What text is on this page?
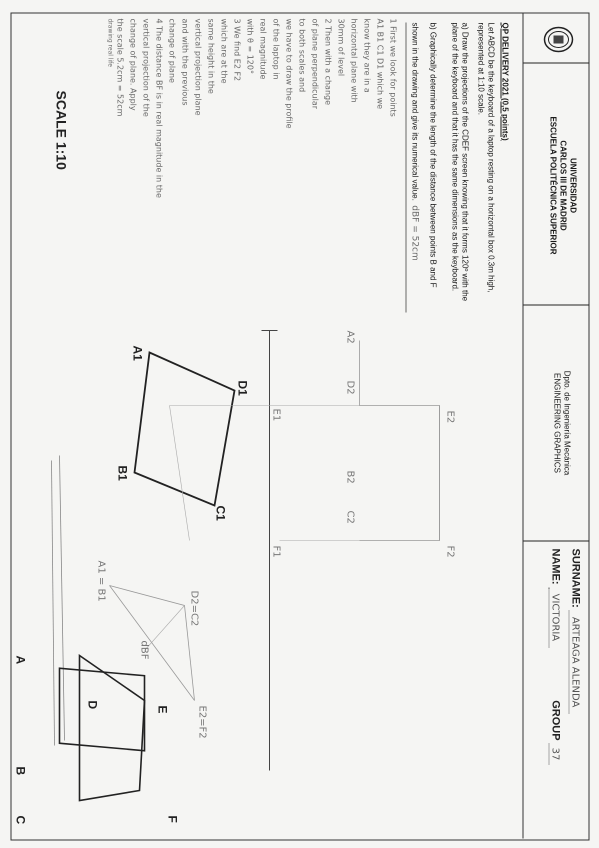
UNIVERSIDAD
CARLOS III DE MADRID
ESCUELA POLITÉCNICA SUPERIOR
Dpto. de Ingeniería Mecánica
ENGINEERING GRAPHICS
SURNAME: ARTEAGA ALENDA
NAME: VICTORIA GROUP 37
QP DELIVERY 2021 (0,5 points)
Let ABCD be the keyboard of a laptop resting on a horizontal box 0.3m high, represented at 1:10 scale.
a) Draw the projections of the CDEF screen knowing that it forms 120º with the plane of the keyboard and that it has the same dimensions as the keyboard.
b) Graphically determine the length of the distance between points B and F shown in the drawing and give its numerical value. dBF = 52cm
1 First we look for points
A1 B1 C1 D1 which we
know they are in a
horizontal plane with
30mm of level
2 Then with a change
of plane perpendicular
to both scales and
we have to draw the profile
of the laptop in
real magnitude
with θ = 120°
3 We find E2 F2
which are at the
same height in the
vertical projection plane
and with the previous
change of plane
4 The distance BF is in real magnitude in the
vertical projection of the
change of plane. Apply
the scale 5.2cm = 52cm
drawing real life
SCALE 1:10
A2
D2
E2
B2
C2
F2
E1
F1
A1
D1
B1
C1
A1 = B1
D2=C2
E2=F2
dBF
A
B
C
D
E
F
